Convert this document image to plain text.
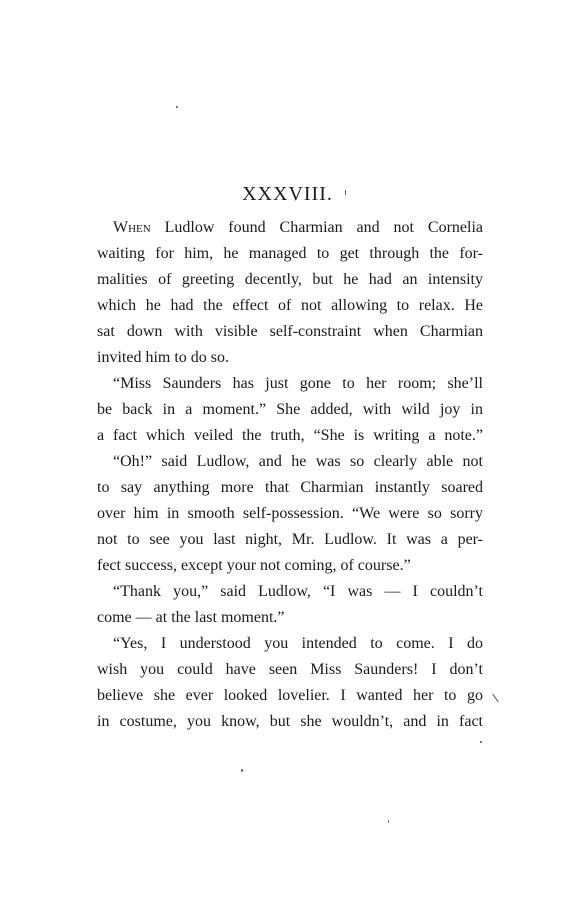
XXXVIII.
When Ludlow found Charmian and not Cornelia
waiting for him, he managed to get through the for-
malities of greeting decently, but he had an intensity
which he had the effect of not allowing to relax. He
sat down with visible self-constraint when Charmian
invited him to do so.
“Miss Saunders has just gone to her room; she’ll
be back in a moment.” She added, with wild joy in
a fact which veiled the truth, “She is writing a note.”
“Oh!” said Ludlow, and he was so clearly able not
to say anything more that Charmian instantly soared
over him in smooth self-possession. “We were so sorry
not to see you last night, Mr. Ludlow. It was a per-
fect success, except your not coming, of course.”
“Thank you,” said Ludlow, “I was — I couldn’t
come — at the last moment.”
“Yes, I understood you intended to come. I do
wish you could have seen Miss Saunders! I don’t
believe she ever looked lovelier. I wanted her to go
in costume, you know, but she wouldn’t, and in fact
